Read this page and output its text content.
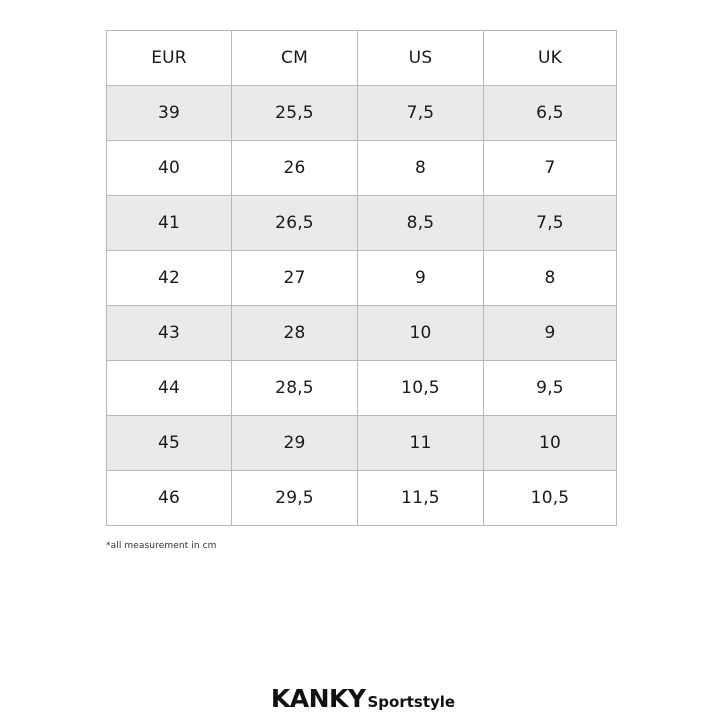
EUR	CM	US	UK
39	25,5	7,5	6,5
40	26	8	7
41	26,5	8,5	7,5
42	27	9	8
43	28	10	9
44	28,5	10,5	9,5
45	29	11	10
46	29,5	11,5	10,5
*all measurement in cm
KANKY Sportstyle
